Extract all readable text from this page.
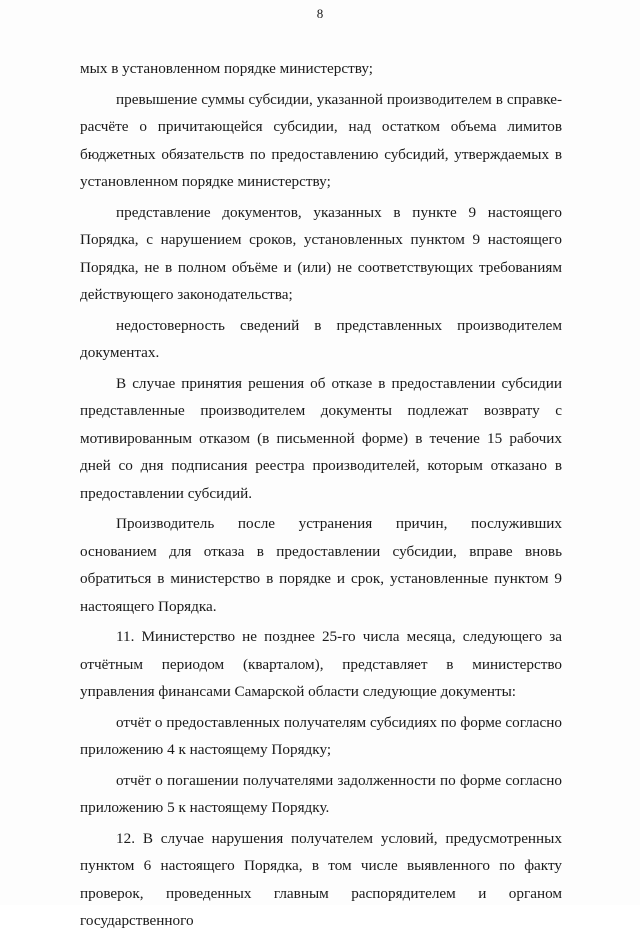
8

мых в установленном порядке министерству;

превышение суммы субсидии, указанной производителем в справке-расчёте о причитающейся субсидии, над остатком объема лимитов бюджетных обязательств по предоставлению субсидий, утверждаемых в установленном порядке министерству;

представление документов, указанных в пункте 9 настоящего Порядка, с нарушением сроков, установленных пунктом 9 настоящего Порядка, не в полном объёме и (или) не соответствующих требованиям действующего законодательства;

недостоверность сведений в представленных производителем документах.

В случае принятия решения об отказе в предоставлении субсидии представленные производителем документы подлежат возврату с мотивированным отказом (в письменной форме) в течение 15 рабочих дней со дня подписания реестра производителей, которым отказано в предоставлении субсидий.

Производитель после устранения причин, послуживших основанием для отказа в предоставлении субсидии, вправе вновь обратиться в министерство в порядке и срок, установленные пунктом 9 настоящего Порядка.

11. Министерство не позднее 25-го числа месяца, следующего за отчётным периодом (кварталом), представляет в министерство управления финансами Самарской области следующие документы:

отчёт о предоставленных получателям субсидиях по форме согласно приложению 4 к настоящему Порядку;

отчёт о погашении получателями задолженности по форме согласно приложению 5 к настоящему Порядку.

12. В случае нарушения получателем условий, предусмотренных пунктом 6 настоящего Порядка, в том числе выявленного по факту проверок, проведенных главным распорядителем и органом государственного
